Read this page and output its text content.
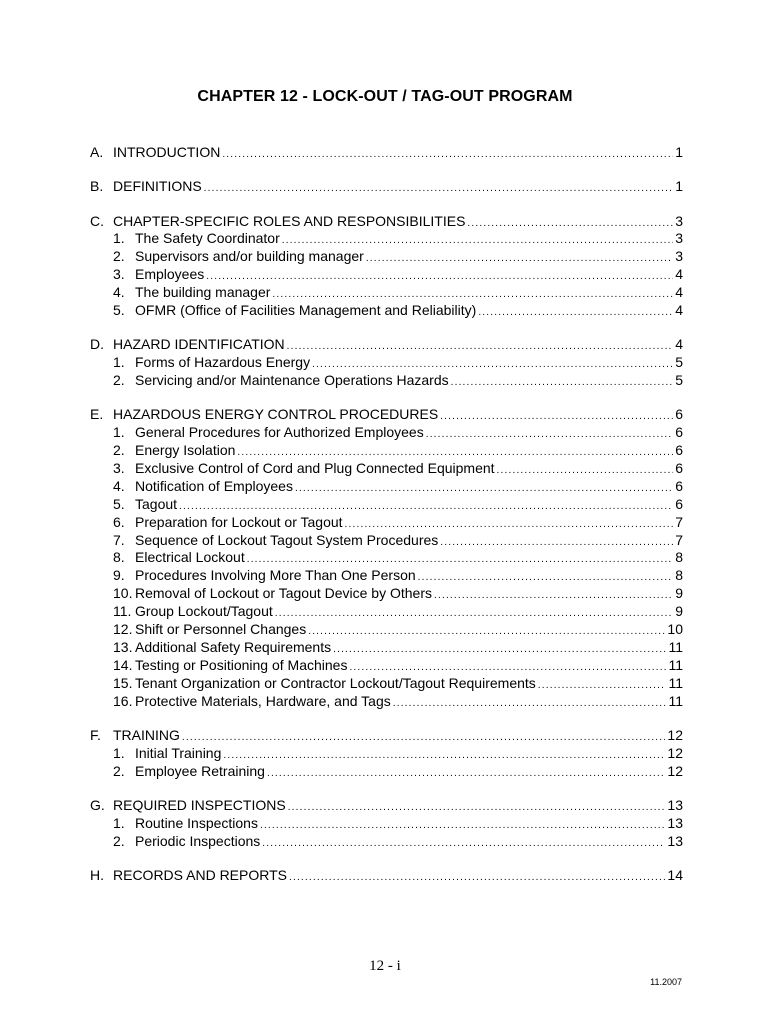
CHAPTER 12 - LOCK-OUT / TAG-OUT PROGRAM
A. INTRODUCTION .....	1
B. DEFINITIONS .....	1
C. CHAPTER-SPECIFIC ROLES AND RESPONSIBILITIES .....	3
1. The Safety Coordinator .....	3
2. Supervisors and/or building manager .....	3
3. Employees .....	4
4. The building manager .....	4
5. OFMR (Office of Facilities Management and Reliability) .....	4
D. HAZARD IDENTIFICATION .....	4
1. Forms of Hazardous Energy .....	5
2. Servicing and/or Maintenance Operations Hazards .....	5
E. HAZARDOUS ENERGY CONTROL PROCEDURES .....	6
1. General Procedures for Authorized Employees .....	6
2. Energy Isolation .....	6
3. Exclusive Control of Cord and Plug Connected Equipment .....	6
4. Notification of Employees .....	6
5. Tagout .....	6
6. Preparation for Lockout or Tagout .....	7
7. Sequence of Lockout Tagout System Procedures .....	7
8. Electrical Lockout .....	8
9. Procedures Involving More Than One Person .....	8
10. Removal of Lockout or Tagout Device by Others .....	9
11. Group Lockout/Tagout .....	9
12. Shift or Personnel Changes .....	10
13. Additional Safety Requirements .....	11
14. Testing or Positioning of Machines .....	11
15. Tenant Organization or Contractor Lockout/Tagout Requirements .....	11
16. Protective Materials, Hardware, and Tags .....	11
F. TRAINING .....	12
1. Initial Training .....	12
2. Employee Retraining .....	12
G. REQUIRED INSPECTIONS .....	13
1. Routine Inspections .....	13
2. Periodic Inspections .....	13
H. RECORDS AND REPORTS .....	14
12 - i
11.2007
